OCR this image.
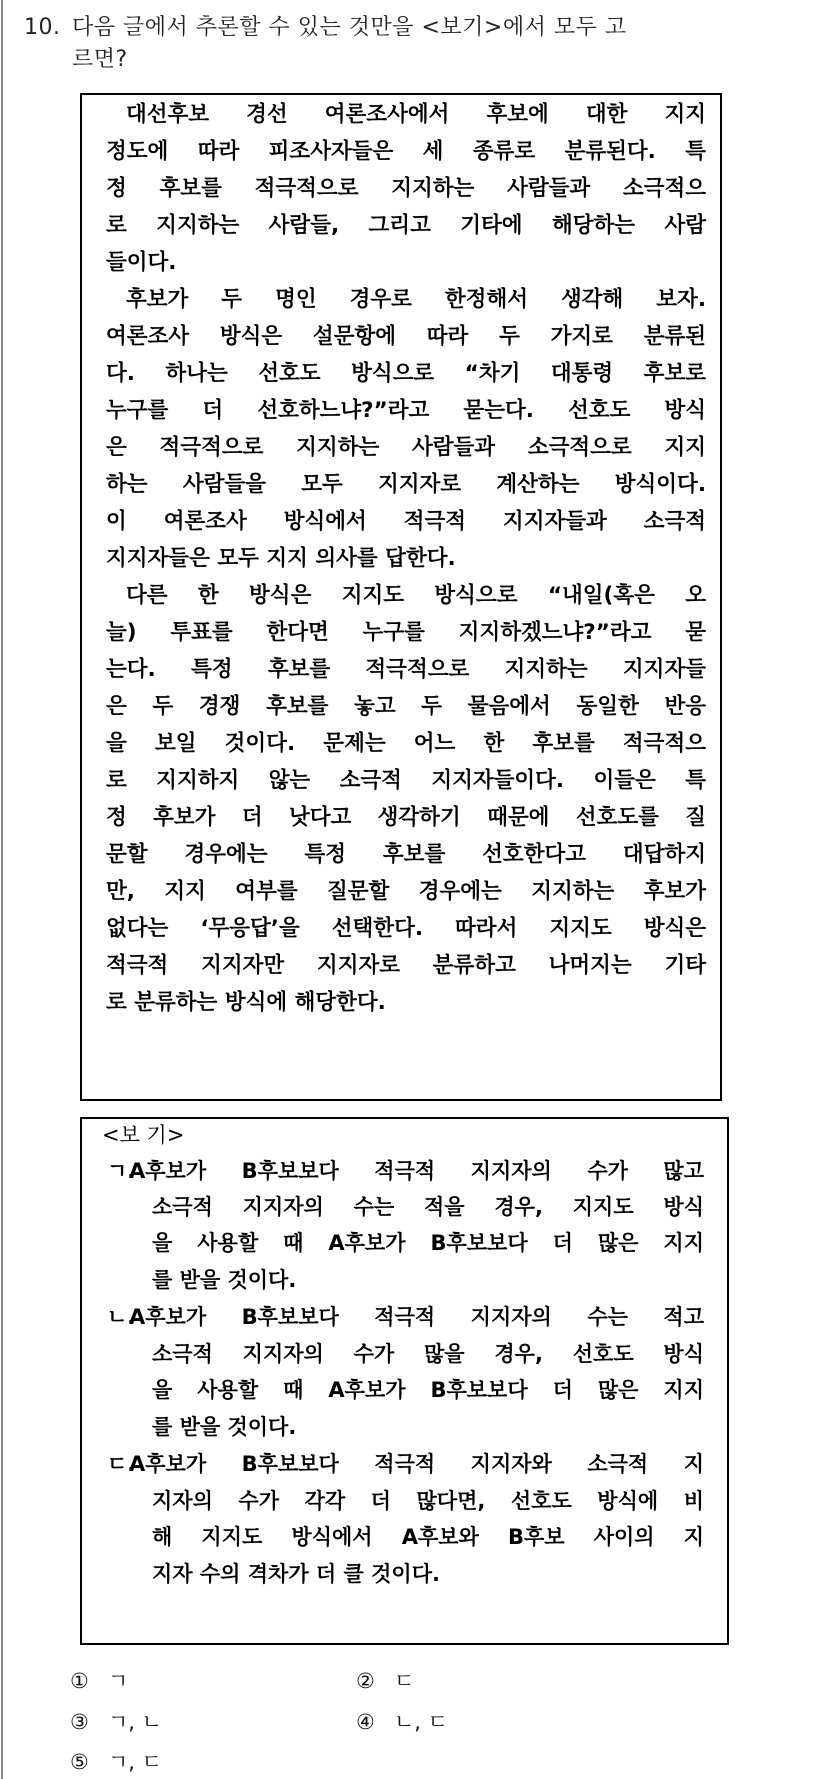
10. 다음 글에서 추론할 수 있는 것만을 <보기>에서 모두 고
르면?
대선후보 경선 여론조사에서 후보에 대한 지지
정도에 따라 피조사자들은 세 종류로 분류된다. 특
정 후보를 적극적으로 지지하는 사람들과 소극적으
로 지지하는 사람들, 그리고 기타에 해당하는 사람
들이다.
후보가 두 명인 경우로 한정해서 생각해 보자.
여론조사 방식은 설문항에 따라 두 가지로 분류된
다. 하나는 선호도 방식으로 “차기 대통령 후보로
누구를 더 선호하느냐?”라고 묻는다. 선호도 방식
은 적극적으로 지지하는 사람들과 소극적으로 지지
하는 사람들을 모두 지지자로 계산하는 방식이다.
이 여론조사 방식에서 적극적 지지자들과 소극적
지지자들은 모두 지지 의사를 답한다.
다른 한 방식은 지지도 방식으로 “내일(혹은 오
늘) 투표를 한다면 누구를 지지하겠느냐?”라고 묻
는다. 특정 후보를 적극적으로 지지하는 지지자들
은 두 경쟁 후보를 놓고 두 물음에서 동일한 반응
을 보일 것이다. 문제는 어느 한 후보를 적극적으
로 지지하지 않는 소극적 지지자들이다. 이들은 특
정 후보가 더 낫다고 생각하기 때문에 선호도를 질
문할 경우에는 특정 후보를 선호한다고 대답하지
만, 지지 여부를 질문할 경우에는 지지하는 후보가
없다는 ‘무응답’을 선택한다. 따라서 지지도 방식은
적극적 지지자만 지지자로 분류하고 나머지는 기타
로 분류하는 방식에 해당한다.
<보 기>
ㄱ.
A후보가 B후보보다 적극적 지지자의 수가 많고
소극적 지지자의 수는 적을 경우, 지지도 방식
을 사용할 때 A후보가 B후보보다 더 많은 지지
를 받을 것이다.
ㄴ.
A후보가 B후보보다 적극적 지지자의 수는 적고
소극적 지지자의 수가 많을 경우, 선호도 방식
을 사용할 때 A후보가 B후보보다 더 많은 지지
를 받을 것이다.
ㄷ.
A후보가 B후보보다 적극적 지지자와 소극적 지
지자의 수가 각각 더 많다면, 선호도 방식에 비
해 지지도 방식에서 A후보와 B후보 사이의 지
지자 수의 격차가 더 클 것이다.
① ㄱ	② ㄷ
③ ㄱ, ㄴ	④ ㄴ, ㄷ
⑤ ㄱ, ㄷ
